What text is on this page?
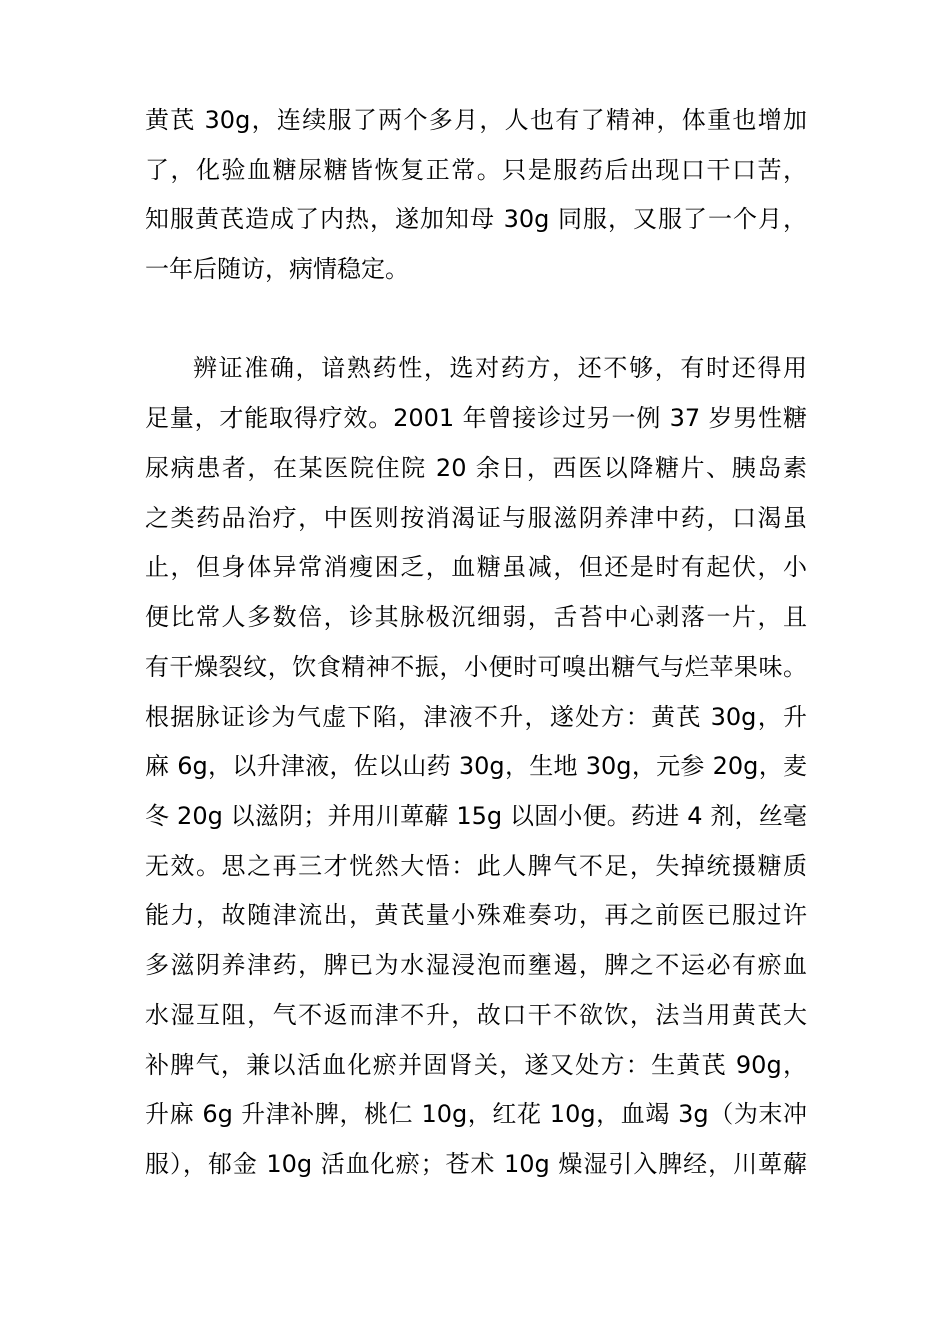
黄芪 30g，连续服了两个多月，人也有了精神，体重也增加
了，化验血糖尿糖皆恢复正常。只是服药后出现口干口苦，
知服黄芪造成了内热，遂加知母 30g 同服，又服了一个月，
一年后随访，病情稳定。
辨证准确，谙熟药性，选对药方，还不够，有时还得用
足量，才能取得疗效。2001 年曾接诊过另一例 37 岁男性糖
尿病患者，在某医院住院 20 余日，西医以降糖片、胰岛素
之类药品治疗，中医则按消渴证与服滋阴养津中药，口渴虽
止，但身体异常消瘦困乏，血糖虽减，但还是时有起伏，小
便比常人多数倍，诊其脉极沉细弱，舌苔中心剥落一片，且
有干燥裂纹，饮食精神不振，小便时可嗅出糖气与烂苹果味。
根据脉证诊为气虚下陷，津液不升，遂处方：黄芪 30g，升
麻 6g，以升津液，佐以山药 30g，生地 30g，元参 20g，麦
冬 20g 以滋阴；并用川萆薢 15g 以固小便。药进 4 剂，丝毫
无效。思之再三才恍然大悟：此人脾气不足，失掉统摄糖质
能力，故随津流出，黄芪量小殊难奏功，再之前医已服过许
多滋阴养津药，脾已为水湿浸泡而壅遏，脾之不运必有瘀血
水湿互阻，气不返而津不升，故口干不欲饮，法当用黄芪大
补脾气，兼以活血化瘀并固肾关，遂又处方：生黄芪 90g，
升麻 6g 升津补脾，桃仁 10g，红花 10g，血竭 3g（为末冲
服），郁金 10g 活血化瘀；苍术 10g 燥湿引入脾经，川萆薢
